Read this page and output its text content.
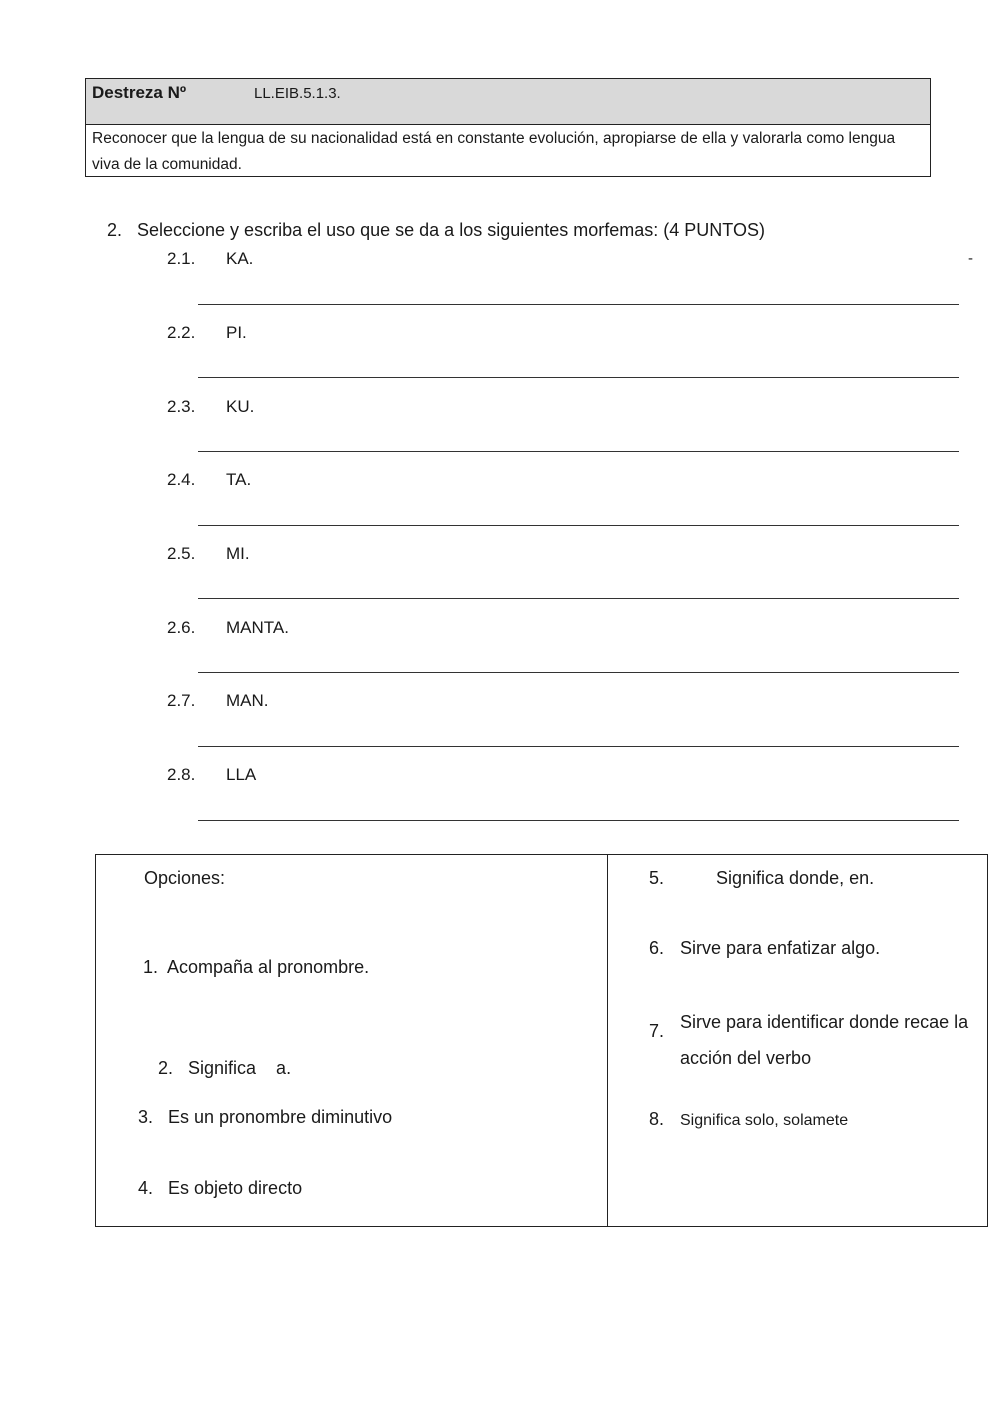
Destreza Nº	LL.EIB.5.1.3.
Reconocer que la lengua de su nacionalidad está en constante evolución, apropiarse de ella y valorarla como lengua viva de la comunidad.
2. Seleccione y escriba el uso que se da a los siguientes morfemas: (4 PUNTOS)
-
2.1. KA.
2.2. PI.
2.3. KU.
2.4. TA.
2.5. MI.
2.6. MANTA.
2.7. MAN.
2.8. LLA
Opciones:
1. Acompaña al pronombre.

2. Significa    a.

3. Es un pronombre diminutivo
4. Es objeto directo
5.	Significa donde, en.
6. Sirve para enfatizar algo.
7. Sirve para identificar donde recae la acción del verbo
8. Significa solo, solamete
